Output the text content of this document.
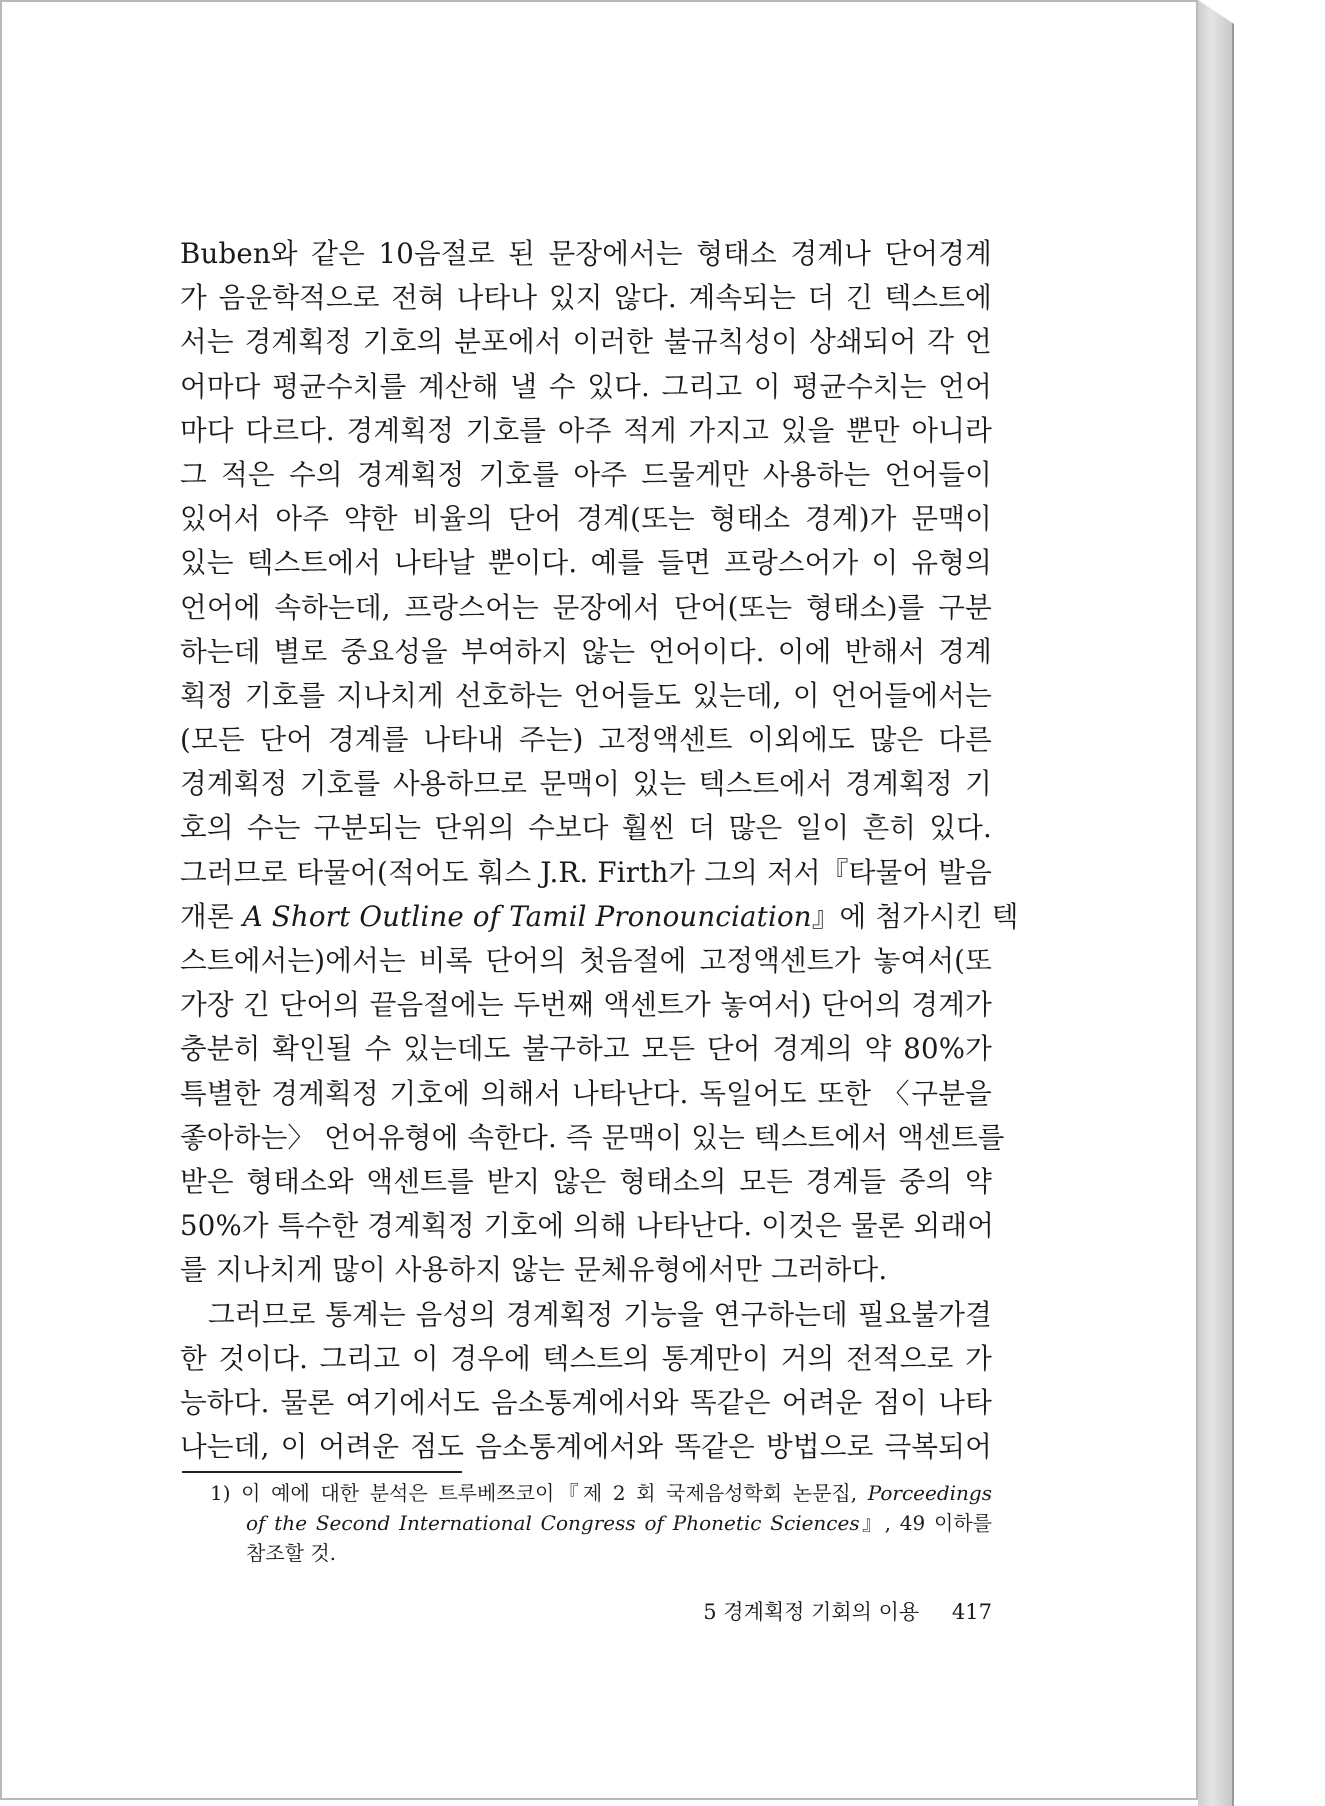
Buben와 같은 10음절로 된 문장에서는 형태소 경계나 단어경계
가 음운학적으로 전혀 나타나 있지 않다. 계속되는 더 긴 텍스트에
서는 경계획정 기호의 분포에서 이러한 불규칙성이 상쇄되어 각 언
어마다 평균수치를 계산해 낼 수 있다. 그리고 이 평균수치는 언어
마다 다르다. 경계획정 기호를 아주 적게 가지고 있을 뿐만 아니라
그 적은 수의 경계획정 기호를 아주 드물게만 사용하는 언어들이
있어서 아주 약한 비율의 단어 경계(또는 형태소 경계)가 문맥이
있는 텍스트에서 나타날 뿐이다. 예를 들면 프랑스어가 이 유형의
언어에 속하는데, 프랑스어는 문장에서 단어(또는 형태소)를 구분
하는데 별로 중요성을 부여하지 않는 언어이다. 이에 반해서 경계
획정 기호를 지나치게 선호하는 언어들도 있는데, 이 언어들에서는
(모든 단어 경계를 나타내 주는) 고정액센트 이외에도 많은 다른
경계획정 기호를 사용하므로 문맥이 있는 텍스트에서 경계획정 기
호의 수는 구분되는 단위의 수보다 훨씬 더 많은 일이 흔히 있다.
그러므로 타물어(적어도 훠스 J.R. Firth가 그의 저서『타물어 발음
개론 A Short Outline of Tamil Pronounciation』에 첨가시킨 텍
스트에서는)에서는 비록 단어의 첫음절에 고정액센트가 놓여서(또
가장 긴 단어의 끝음절에는 두번째 액센트가 놓여서) 단어의 경계가
충분히 확인될 수 있는데도 불구하고 모든 단어 경계의 약 80%가
특별한 경계획정 기호에 의해서 나타난다. 독일어도 또한 〈구분을
좋아하는〉 언어유형에 속한다. 즉 문맥이 있는 텍스트에서 액센트를
받은 형태소와 액센트를 받지 않은 형태소의 모든 경계들 중의 약
50%가 특수한 경계획정 기호에 의해 나타난다. 이것은 물론 외래어
를 지나치게 많이 사용하지 않는 문체유형에서만 그러하다.
그러므로 통계는 음성의 경계획정 기능을 연구하는데 필요불가결
한 것이다. 그리고 이 경우에 텍스트의 통계만이 거의 전적으로 가
능하다. 물론 여기에서도 음소통계에서와 똑같은 어려운 점이 나타
나는데, 이 어려운 점도 음소통계에서와 똑같은 방법으로 극복되어
1) 이 예에 대한 분석은 트루베쯔코이『제 2 회 국제음성학회 논문집, Porceedings
of the Second International Congress of Phonetic Sciences』, 49 이하를
참조할 것.
5 경계획정 기회의 이용 417
